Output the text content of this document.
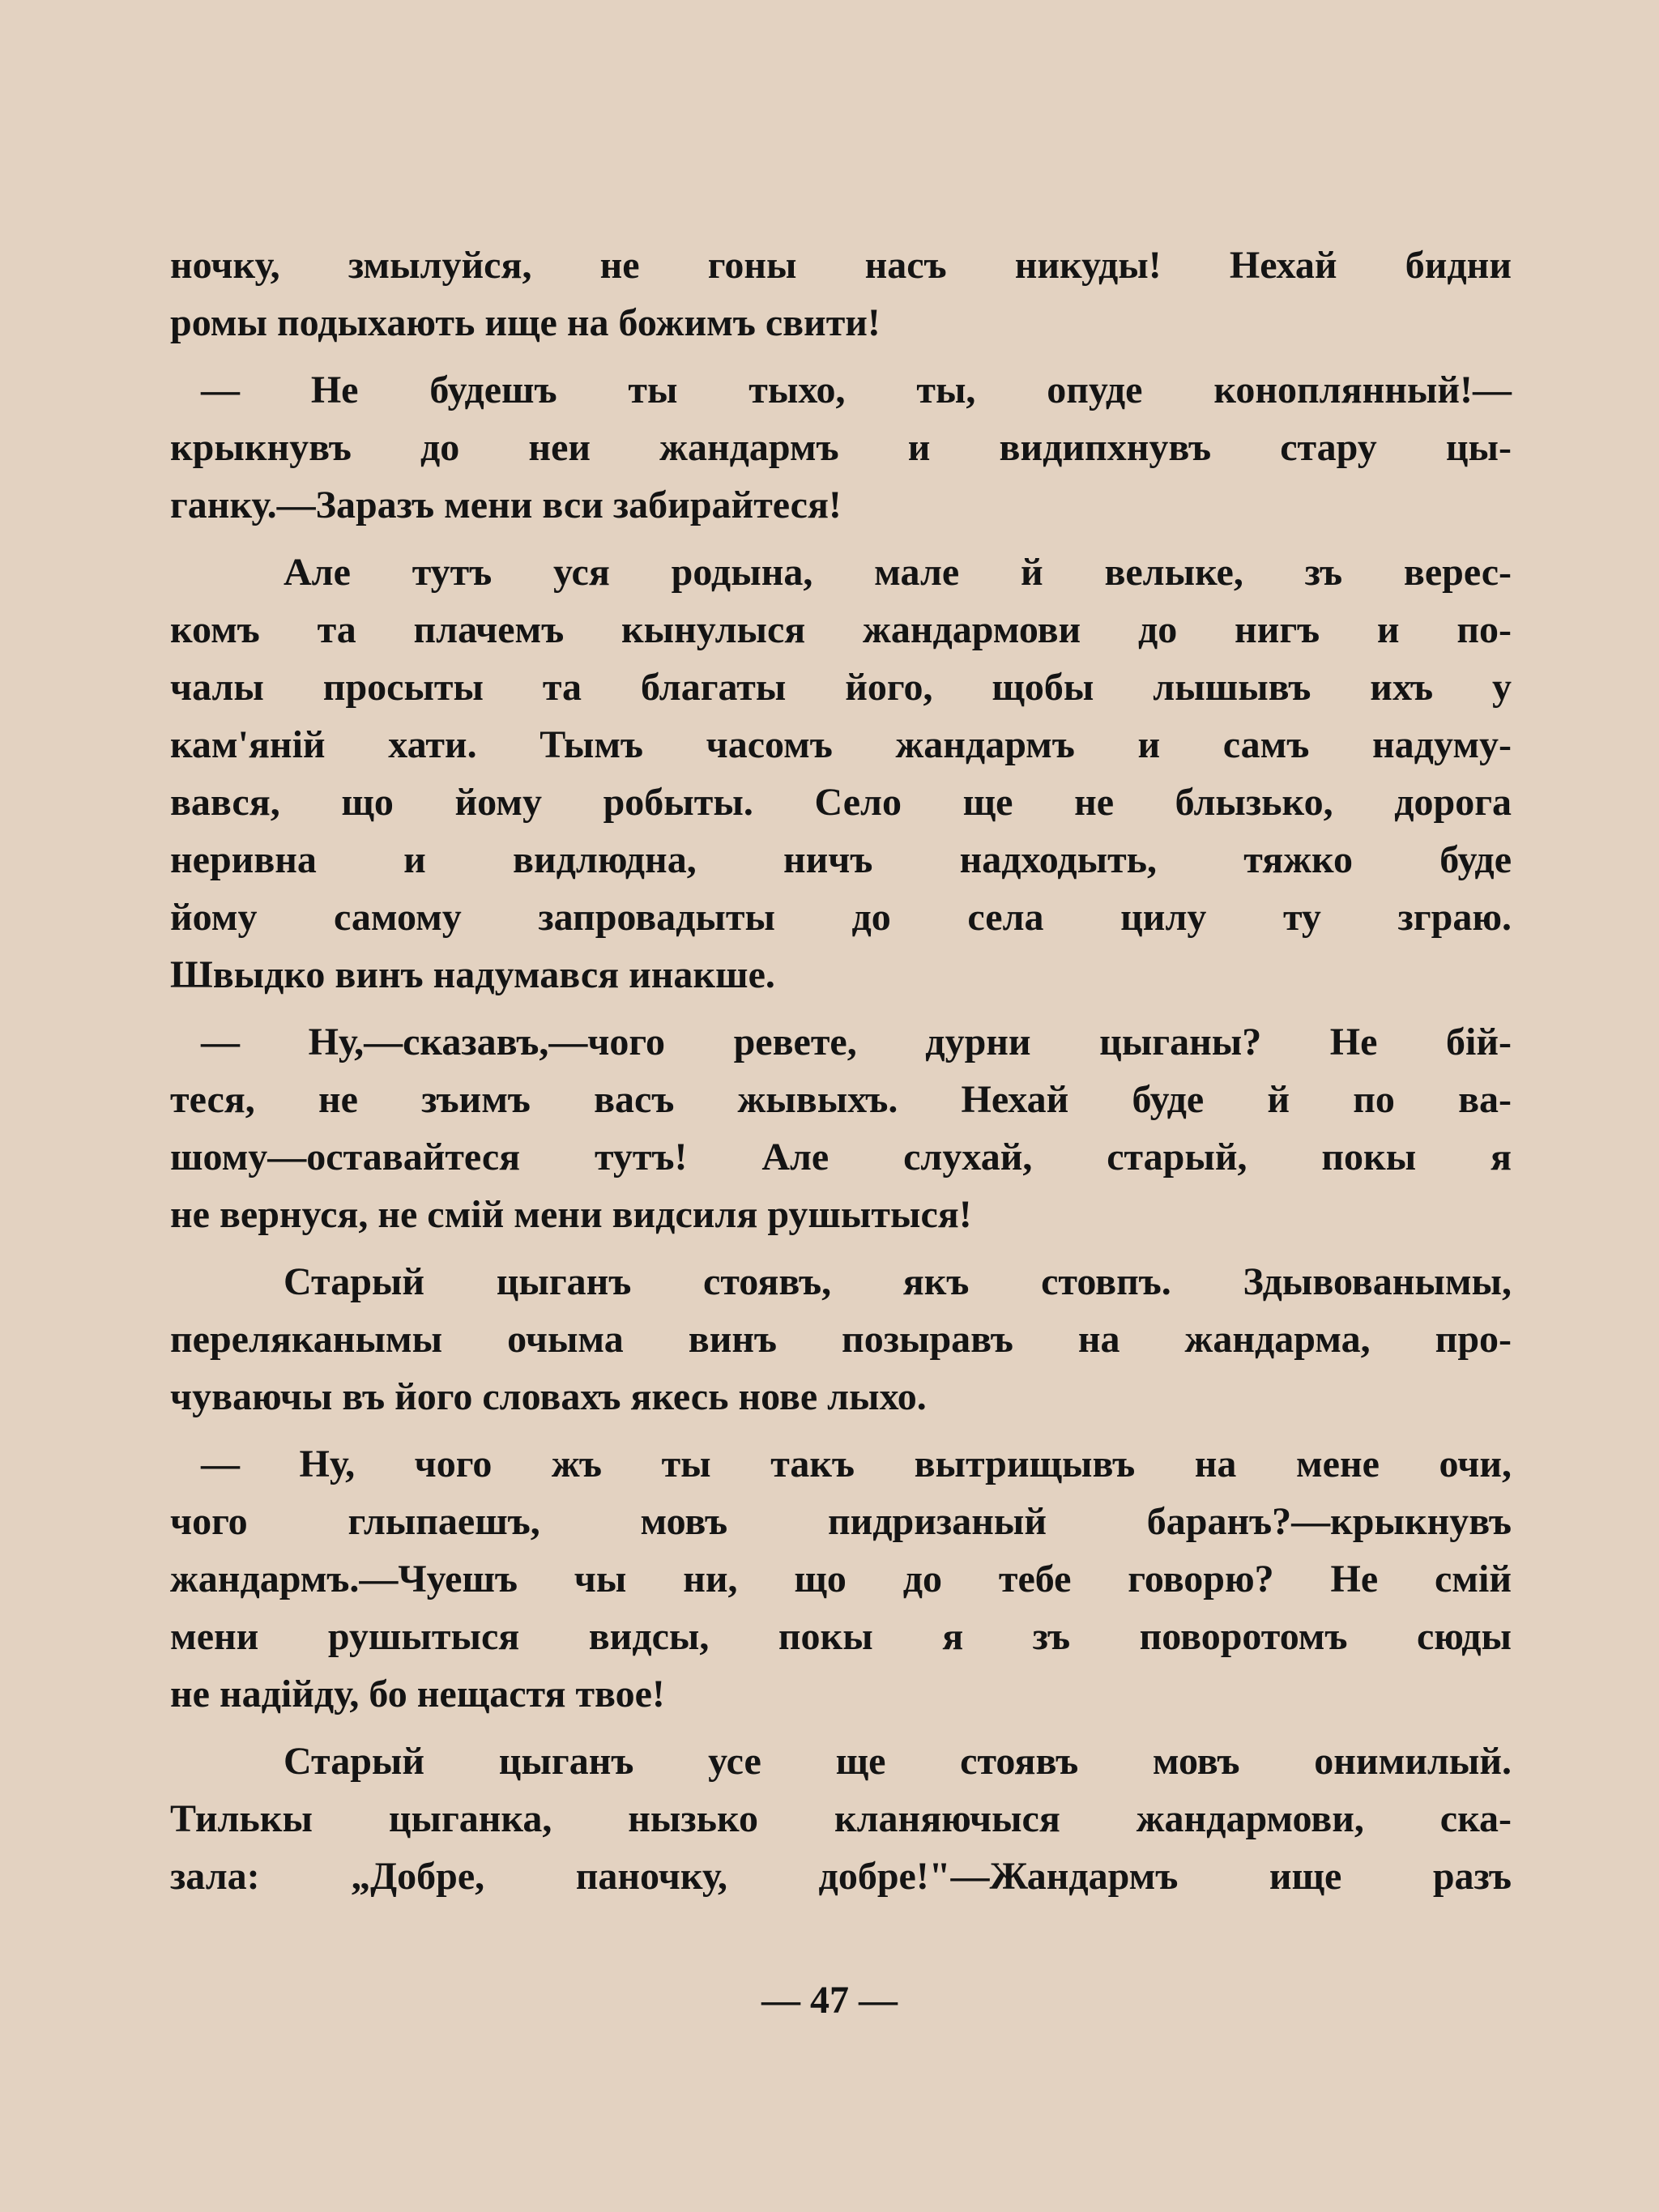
ночку, змылуйся, не гоны насъ никуды! Нехай бидни
ромы подыхають ище на божимъ свити!
— Не будешъ ты тыхо, ты, опуде коноплянный!—
крыкнувъ до неи жандармъ и видипхнувъ стару цы-
ганку.—Заразъ мени вси забирайтеся!
Але тутъ уся родына, мале й велыке, зъ верес-
комъ та плачемъ кынулыся жандармови до нигъ и по-
чалы просыты та благаты його, щобы лышывъ ихъ у
кам'яній хати. Тымъ часомъ жандармъ и самъ надуму-
вався, що йому робыты. Село ще не блызько, дорога
неривна и видлюдна, ничъ надходыть, тяжко буде
йому самому запровадыты до села цилу ту зграю.
Швыдко винъ надумався инакше.
— Ну,—сказавъ,—чого ревете, дурни цыганы? Не бій-
теся, не зъимъ васъ жывыхъ. Нехай буде й по ва-
шому—оставайтеся тутъ! Але слухай, старый, покы я
не вернуся, не смій мени видсиля рушытыся!
Старый цыганъ стоявъ, якъ стовпъ. Здывованымы,
переляканымы очыма винъ позыравъ на жандарма, про-
чуваючы въ його словахъ якесь нове лыхо.
— Ну, чого жъ ты такъ вытрищывъ на мене очи,
чого глыпаешъ, мовъ пидризаный баранъ?—крыкнувъ
жандармъ.—Чуешъ чы ни, що до тебе говорю? Не смій
мени рушытыся видсы, покы я зъ поворотомъ сюды
не надійду, бо нещастя твое!
Старый цыганъ усе ще стоявъ мовъ онимилый.
Тилькы цыганка, нызько кланяючыся жандармови, ска-
зала: „Добре, паночку, добре!"—Жандармъ ище разъ
— 47 —
